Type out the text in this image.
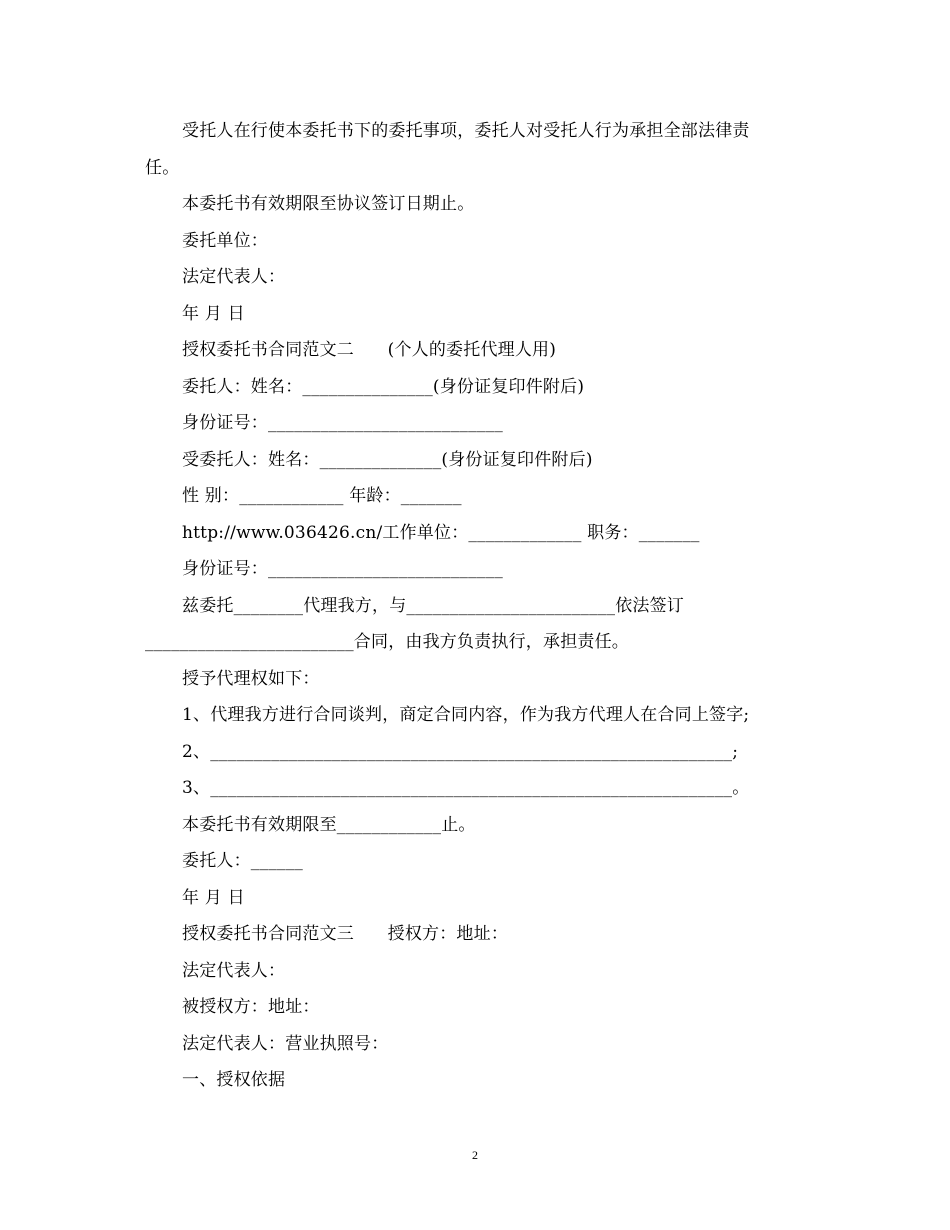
受托人在行使本委托书下的委托事项，委托人对受托人行为承担全部法律责
任。
本委托书有效期限至协议签订日期止。
委托单位：
法定代表人：
年 月 日
授权委托书合同范文二      (个人的委托代理人用)
委托人：姓名：_______________(身份证复印件附后)
身份证号：___________________________
受委托人：姓名：______________(身份证复印件附后)
性 别：____________ 年龄：_______
http://www.036426.cn/工作单位：_____________ 职务：_______
身份证号：___________________________
兹委托________代理我方，与________________________依法签订
________________________合同，由我方负责执行，承担责任。
授予代理权如下：
1、代理我方进行合同谈判，商定合同内容，作为我方代理人在合同上签字;
2、____________________________________________________________;
3、____________________________________________________________。
本委托书有效期限至____________止。
委托人：______
年 月 日
授权委托书合同范文三      授权方：地址：
法定代表人：
被授权方：地址：
法定代表人：营业执照号：
一、授权依据
2
